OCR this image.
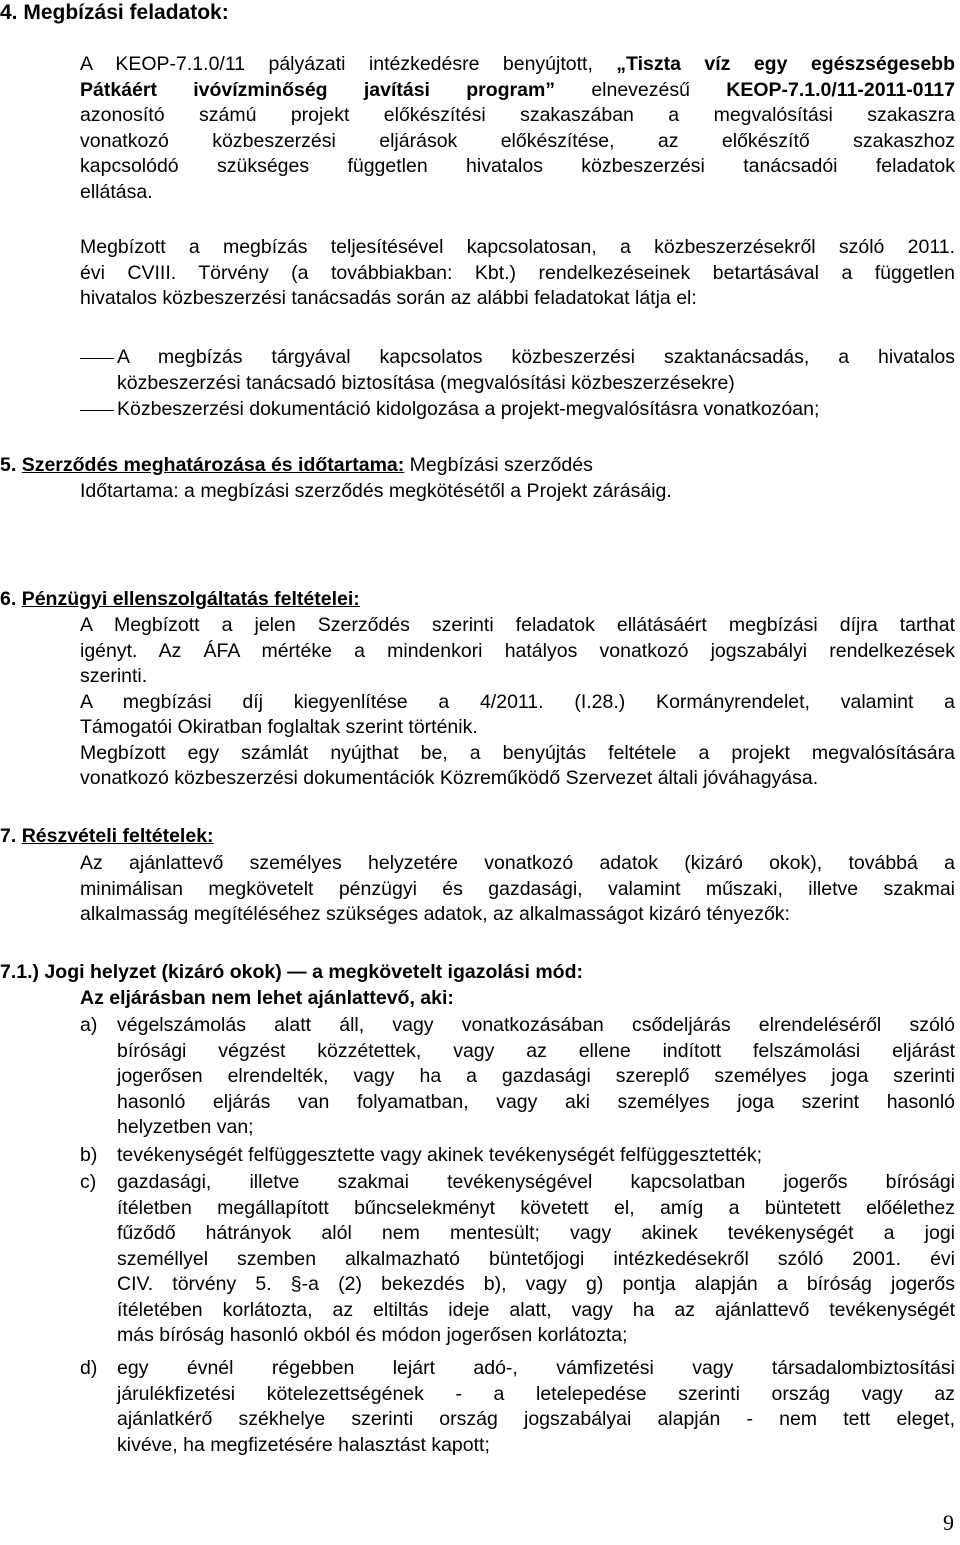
4. Megbízási feladatok:
A KEOP-7.1.0/11 pályázati intézkedésre benyújtott, „Tiszta víz egy egészségesebb
Pátkáért ivóvízminőség javítási program” elnevezésű KEOP-7.1.0/11-2011-0117
azonosító számú projekt előkészítési szakaszában a megvalósítási szakaszra
vonatkozó közbeszerzési eljárások előkészítése, az előkészítő szakaszhoz
kapcsolódó szükséges független hivatalos közbeszerzési tanácsadói feladatok
ellátása.
Megbízott a megbízás teljesítésével kapcsolatosan, a közbeszerzésekről szóló 2011.
évi CVIII. Törvény (a továbbiakban: Kbt.) rendelkezéseinek betartásával a független
hivatalos közbeszerzési tanácsadás során az alábbi feladatokat látja el:
A megbízás tárgyával kapcsolatos közbeszerzési szaktanácsadás, a hivatalos
közbeszerzési tanácsadó biztosítása (megvalósítási közbeszerzésekre)
Közbeszerzési dokumentáció kidolgozása a projekt-megvalósításra vonatkozóan;
5. Szerződés meghatározása és időtartama: Megbízási szerződés
Időtartama: a megbízási szerződés megkötésétől a Projekt zárásáig.
6. Pénzügyi ellenszolgáltatás feltételei:
A Megbízott a jelen Szerződés szerinti feladatok ellátásáért megbízási díjra tarthat
igényt. Az ÁFA mértéke a mindenkori hatályos vonatkozó jogszabályi rendelkezések
szerinti.
A megbízási díj kiegyenlítése a 4/2011. (I.28.) Kormányrendelet, valamint a
Támogatói Okiratban foglaltak szerint történik.
Megbízott egy számlát nyújthat be, a benyújtás feltétele a projekt megvalósítására
vonatkozó közbeszerzési dokumentációk Közreműködő Szervezet általi jóváhagyása.
7. Részvételi feltételek:
Az ajánlattevő személyes helyzetére vonatkozó adatok (kizáró okok), továbbá a
minimálisan megkövetelt pénzügyi és gazdasági, valamint műszaki, illetve szakmai
alkalmasság megítéléséhez szükséges adatok, az alkalmasságot kizáró tényezők:
7.1.) Jogi helyzet (kizáró okok) — a megkövetelt igazolási mód:
Az eljárásban nem lehet ajánlattevő, aki:
a) végelszámolás alatt áll, vagy vonatkozásában csődeljárás elrendeléséről szóló
bírósági végzést közzétettek, vagy az ellene indított felszámolási eljárást
jogerősen elrendelték, vagy ha a gazdasági szereplő személyes joga szerinti
hasonló eljárás van folyamatban, vagy aki személyes joga szerint hasonló
helyzetben van;
b) tevékenységét felfüggesztette vagy akinek tevékenységét felfüggesztették;
c) gazdasági, illetve szakmai tevékenységével kapcsolatban jogerős bírósági
ítéletben megállapított bűncselekményt követett el, amíg a büntetett előélethez
fűződő hátrányok alól nem mentesült; vagy akinek tevékenységét a jogi
személlyel szemben alkalmazható büntetőjogi intézkedésekről szóló 2001. évi
CIV. törvény 5. §-a (2) bekezdés b), vagy g) pontja alapján a bíróság jogerős
ítéletében korlátozta, az eltiltás ideje alatt, vagy ha az ajánlattevő tevékenységét
más bíróság hasonló okból és módon jogerősen korlátozta;
d) egy évnél régebben lejárt adó-, vámfizetési vagy társadalombiztosítási
járulékfizetési kötelezettségének - a letelepedése szerinti ország vagy az
ajánlatkérő székhelye szerinti ország jogszabályai alapján - nem tett eleget,
kivéve, ha megfizetésére halasztást kapott;
9
